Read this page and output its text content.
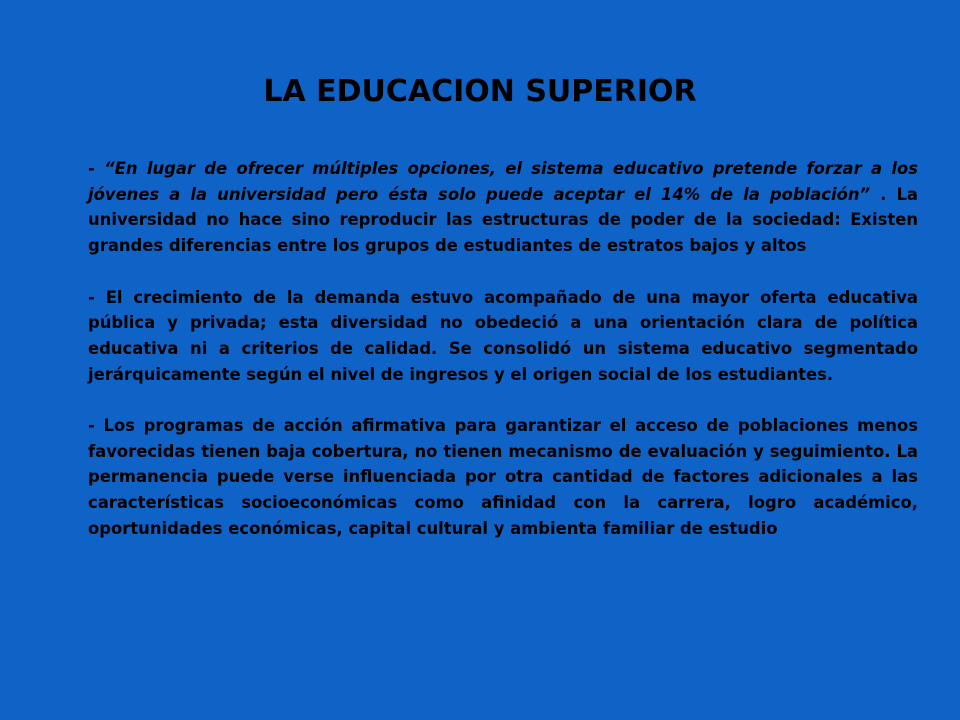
LA EDUCACION SUPERIOR

- “En lugar de ofrecer múltiples opciones, el sistema educativo pretende forzar a los jóvenes a la universidad pero ésta solo puede aceptar el 14% de la población” . La universidad no hace sino reproducir las estructuras de poder de la sociedad: Existen grandes diferencias entre los grupos de estudiantes de estratos bajos y altos

- El crecimiento de la demanda estuvo acompañado de una mayor oferta educativa pública y privada; esta diversidad no obedeció a una orientación clara de política educativa ni a criterios de calidad. Se consolidó un sistema educativo segmentado jerárquicamente según el nivel de ingresos y el origen social de los estudiantes.

- Los programas de acción afirmativa para garantizar el acceso de poblaciones menos favorecidas tienen baja cobertura, no tienen mecanismo de evaluación y seguimiento. La permanencia puede verse influenciada por otra cantidad de factores adicionales a las características socioeconómicas como afinidad con la carrera, logro académico, oportunidades económicas, capital cultural y ambienta familiar de estudio
